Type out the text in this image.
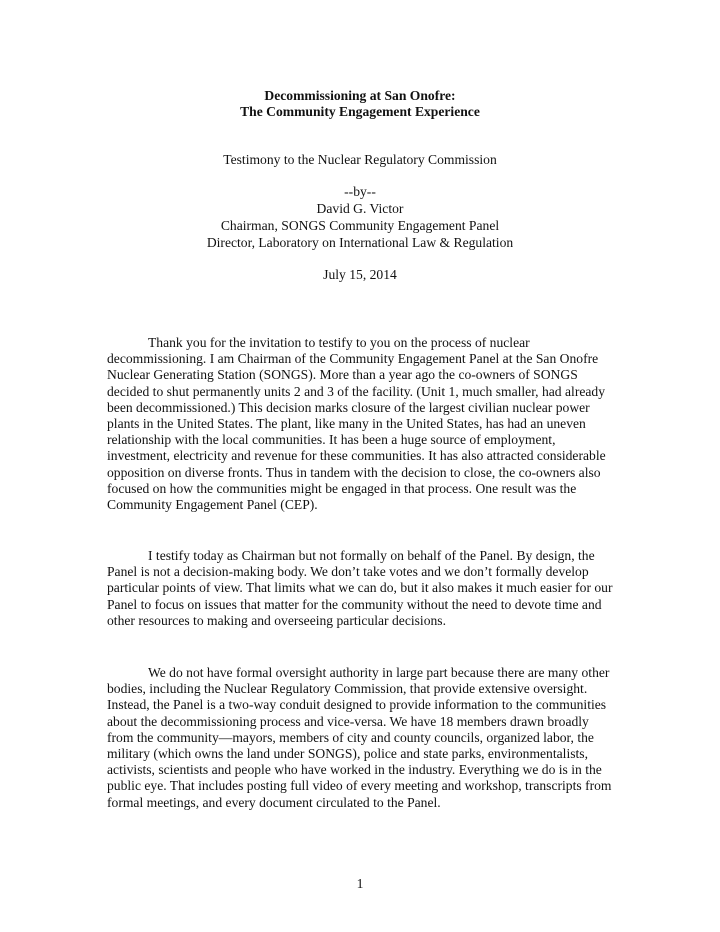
Decommissioning at San Onofre:
The Community Engagement Experience
Testimony to the Nuclear Regulatory Commission
--by--
David G. Victor
Chairman, SONGS Community Engagement Panel
Director, Laboratory on International Law & Regulation
July 15, 2014

Thank you for the invitation to testify to you on the process of nuclear decommissioning. I am Chairman of the Community Engagement Panel at the San Onofre Nuclear Generating Station (SONGS). More than a year ago the co-owners of SONGS decided to shut permanently units 2 and 3 of the facility. (Unit 1, much smaller, had already been decommissioned.) This decision marks closure of the largest civilian nuclear power plants in the United States. The plant, like many in the United States, has had an uneven relationship with the local communities. It has been a huge source of employment, investment, electricity and revenue for these communities. It has also attracted considerable opposition on diverse fronts. Thus in tandem with the decision to close, the co-owners also focused on how the communities might be engaged in that process. One result was the Community Engagement Panel (CEP).

I testify today as Chairman but not formally on behalf of the Panel. By design, the Panel is not a decision-making body. We don’t take votes and we don’t formally develop particular points of view. That limits what we can do, but it also makes it much easier for our Panel to focus on issues that matter for the community without the need to devote time and other resources to making and overseeing particular decisions.

We do not have formal oversight authority in large part because there are many other bodies, including the Nuclear Regulatory Commission, that provide extensive oversight. Instead, the Panel is a two-way conduit designed to provide information to the communities about the decommissioning process and vice-versa. We have 18 members drawn broadly from the community—mayors, members of city and county councils, organized labor, the military (which owns the land under SONGS), police and state parks, environmentalists, activists, scientists and people who have worked in the industry. Everything we do is in the public eye. That includes posting full video of every meeting and workshop, transcripts from formal meetings, and every document circulated to the Panel.

1
